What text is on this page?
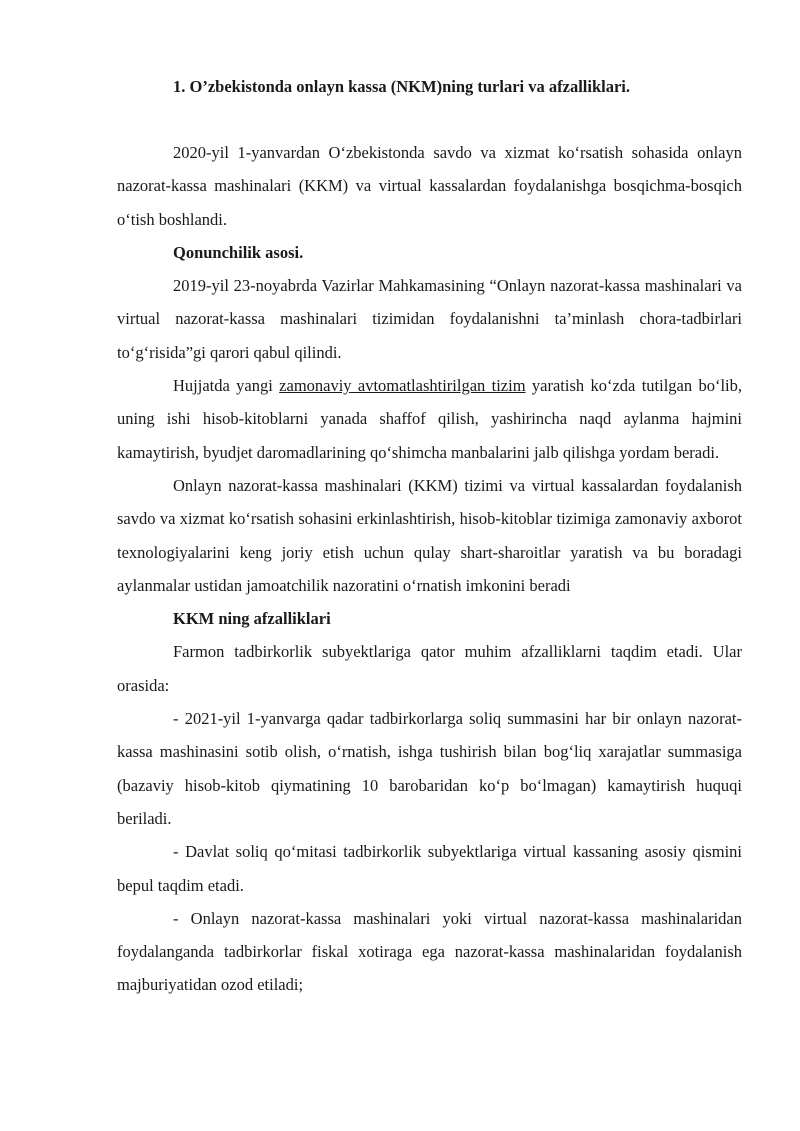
1. O’zbekistonda onlayn kassa (NKM)ning turlari va afzalliklari.

2020-yil 1-yanvardan O‘zbekistonda savdo va xizmat ko‘rsatish sohasida onlayn nazorat-kassa mashinalari (KKM) va virtual kassalardan foydalanishga bosqichma-bosqich o‘tish boshlandi.

Qonunchilik asosi.

2019-yil 23-noyabrda Vazirlar Mahkamasining “Onlayn nazorat-kassa mashinalari va virtual nazorat-kassa mashinalari tizimidan foydalanishni ta’minlash chora-tadbirlari to‘g‘risida”gi qarori qabul qilindi.

Hujjatda yangi zamonaviy avtomatlashtirilgan tizim yaratish ko‘zda tutilgan bo‘lib, uning ishi hisob-kitoblarni yanada shaffof qilish, yashirincha naqd aylanma hajmini kamaytirish, byudjet daromadlarining qo‘shimcha manbalarini jalb qilishga yordam beradi.

Onlayn nazorat-kassa mashinalari (KKM) tizimi va virtual kassalardan foydalanish savdo va xizmat ko‘rsatish sohasini erkinlashtirish, hisob-kitoblar tizimiga zamonaviy axborot texnologiyalarini keng joriy etish uchun qulay shart-sharoitlar yaratish va bu boradagi aylanmalar ustidan jamoatchilik nazoratini o‘rnatish imkonini beradi

KKM ning afzalliklari

Farmon tadbirkorlik subyektlariga qator muhim afzalliklarni taqdim etadi. Ular orasida:

- 2021-yil 1-yanvarga qadar tadbirkorlarga soliq summasini har bir onlayn nazorat-kassa mashinasini sotib olish, o‘rnatish, ishga tushirish bilan bog‘liq xarajatlar summasiga (bazaviy hisob-kitob qiymatining 10 barobaridan ko‘p bo‘lmagan) kamaytirish huquqi beriladi.

- Davlat soliq qo‘mitasi tadbirkorlik subyektlariga virtual kassaning asosiy qismini bepul taqdim etadi.

- Onlayn nazorat-kassa mashinalari yoki virtual nazorat-kassa mashinalaridan foydalanganda tadbirkorlar fiskal xotiraga ega nazorat-kassa mashinalaridan foydalanish majburiyatidan ozod etiladi;
